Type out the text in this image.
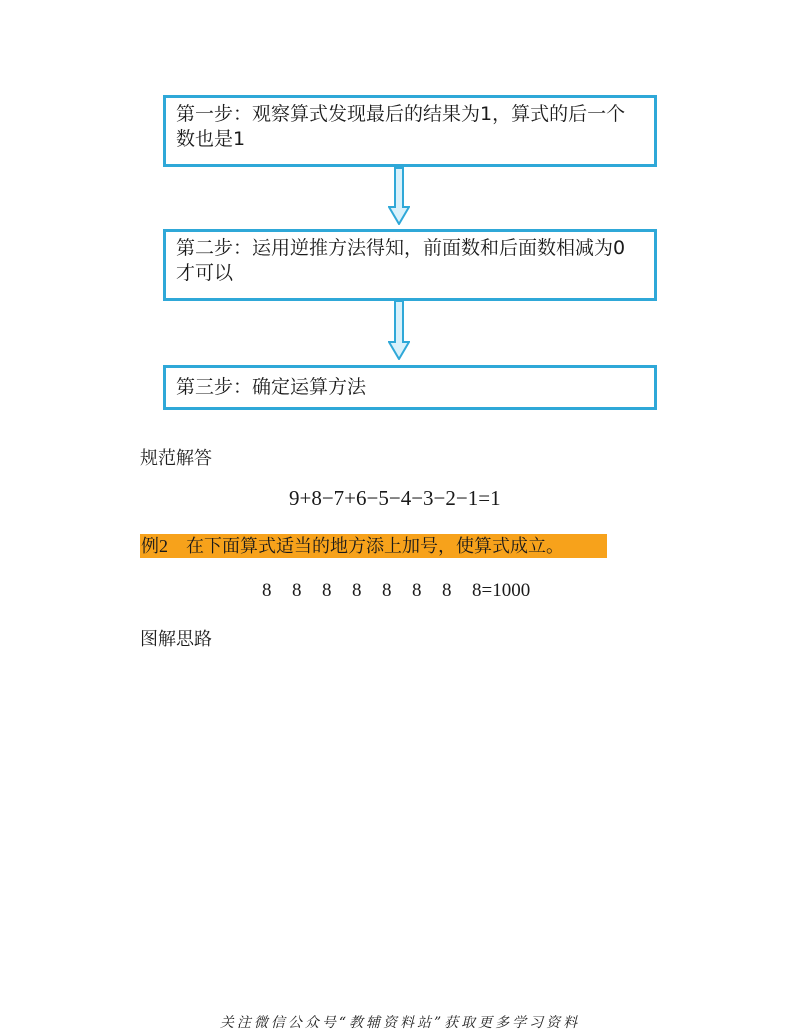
第一步：观察算式发现最后的结果为1，算式的后一个数也是1
第二步：运用逆推方法得知，前面数和后面数相减为0才可以
第三步：确定运算方法
规范解答
9+8−7+6−5−4−3−2−1=1
例2 在下面算式适当的地方添上加号，使算式成立。
8 8 8 8 8 8 8 8=1000
图解思路
关注微信公众号“教辅资料站”获取更多学习资料
